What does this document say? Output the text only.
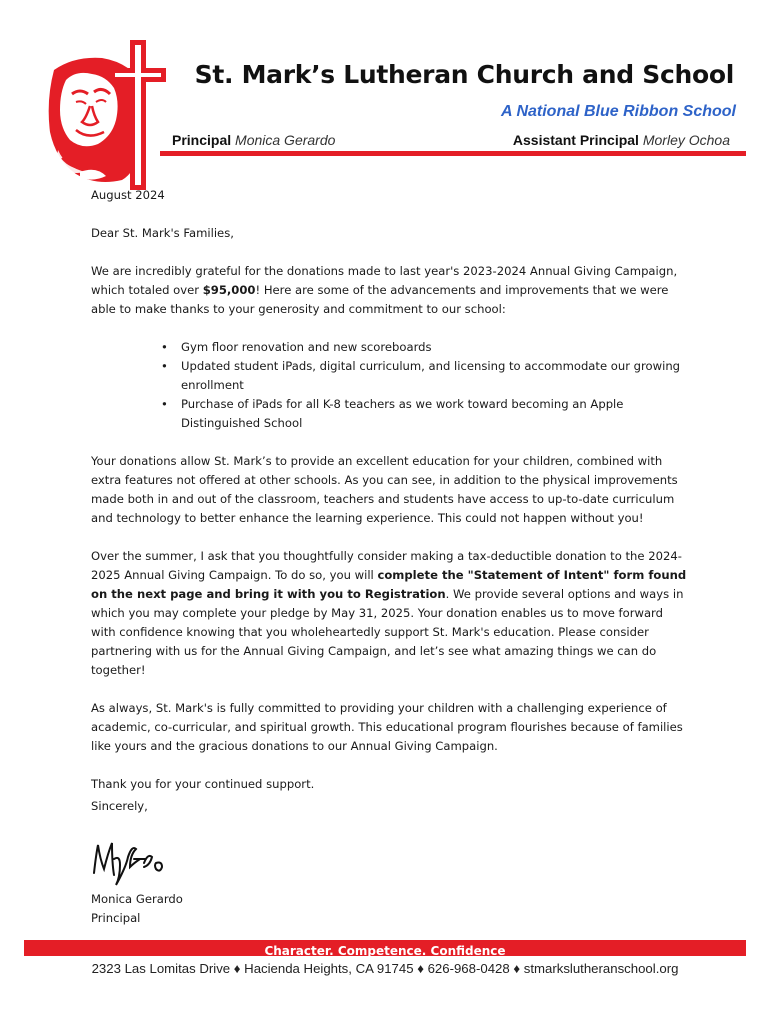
St. Mark’s Lutheran Church and School
A National Blue Ribbon School
Principal Monica Gerardo	Assistant Principal Morley Ochoa

August 2024

Dear St. Mark's Families,

We are incredibly grateful for the donations made to last year's 2023-2024 Annual Giving Campaign, which totaled over $95,000! Here are some of the advancements and improvements that we were able to make thanks to your generosity and commitment to our school:

• Gym floor renovation and new scoreboards
• Updated student iPads, digital curriculum, and licensing to accommodate our growing enrollment
• Purchase of iPads for all K-8 teachers as we work toward becoming an Apple Distinguished School

Your donations allow St. Mark’s to provide an excellent education for your children, combined with extra features not offered at other schools. As you can see, in addition to the physical improvements made both in and out of the classroom, teachers and students have access to up-to-date curriculum and technology to better enhance the learning experience. This could not happen without you!

Over the summer, I ask that you thoughtfully consider making a tax-deductible donation to the 2024-2025 Annual Giving Campaign. To do so, you will complete the "Statement of Intent" form found on the next page and bring it with you to Registration. We provide several options and ways in which you may complete your pledge by May 31, 2025. Your donation enables us to move forward with confidence knowing that you wholeheartedly support St. Mark's education. Please consider partnering with us for the Annual Giving Campaign, and let’s see what amazing things we can do together!

As always, St. Mark's is fully committed to providing your children with a challenging experience of academic, co-curricular, and spiritual growth. This educational program flourishes because of families like yours and the gracious donations to our Annual Giving Campaign.

Thank you for your continued support.

Sincerely,

Monica Gerardo
Principal
Character. Competence. Confidence
2323 Las Lomitas Drive ♦ Hacienda Heights, CA 91745 ♦ 626-968-0428 ♦ stmarkslutheranschool.org
